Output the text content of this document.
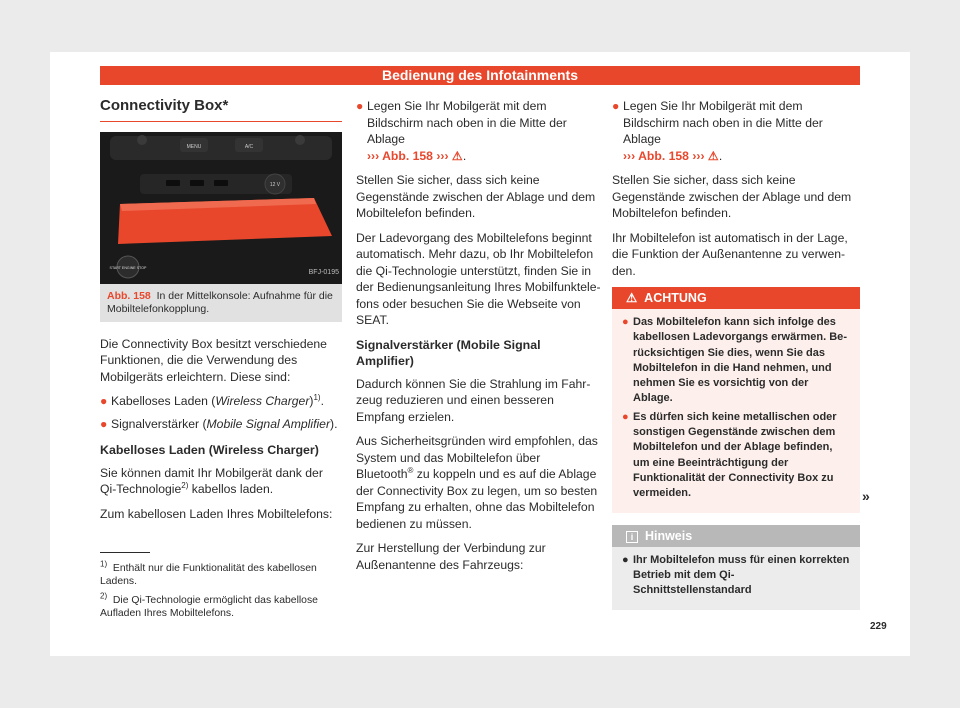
Bedienung des Infotainments
Connectivity Box*
MENU	A/C
12 V
START ENGINE STOP
BFJ-0195
Abb. 158 In der Mittelkonsole: Aufnahme für die Mobiltelefonkopplung.

Die Connectivity Box besitzt verschiedene Funktionen, die die Verwendung des Mobilgeräts erleichtern. Diese sind:

● Kabelloses Laden (Wireless Charger)$^{1)}$.
● Signalverstärker (Mobile Signal Amplifier).
Kabelloses Laden (Wireless Charger)

Sie können damit Ihr Mobilgerät dank der Qi-Technologie$^{2)}$ kabellos laden.

Zum kabellosen Laden Ihres Mobiltelefons:

● Legen Sie Ihr Mobilgerät mit dem Bildschirm nach oben in die Mitte der Ablage
››› Abb. 158 ››› ⚠.

Stellen Sie sicher, dass sich keine Gegenstände zwischen der Ablage und dem Mobiltelefon befinden.

Der Ladevorgang des Mobiltelefons beginnt automatisch. Mehr dazu, ob Ihr Mobiltelefon die Qi-Technologie unterstützt, finden Sie in der Bedienungsanleitung Ihres Mobilfunktelefons oder besuchen Sie die Webseite von SEAT.

Signalverstärker (Mobile Signal Amplifier)

Dadurch können Sie die Strahlung im Fahrzeug reduzieren und einen besseren Empfang erzielen.

Aus Sicherheitsgründen wird empfohlen, das System und das Mobiltelefon über Bluetooth® zu koppeln und es auf die Ablage der Connectivity Box zu legen, um so besten Empfang zu erhalten, ohne das Mobiltelefon bedienen zu müssen.

Zur Herstellung der Verbindung zur Außenantenne des Fahrzeugs:

● Legen Sie Ihr Mobilgerät mit dem Bildschirm nach oben in die Mitte der Ablage
››› Abb. 158 ››› ⚠.

Stellen Sie sicher, dass sich keine Gegenstände zwischen der Ablage und dem Mobiltelefon befinden.

Ihr Mobiltelefon ist automatisch in der Lage, die Funktion der Außenantenne zu verwenden.

⚠ ACHTUNG
● Das Mobiltelefon kann sich infolge des kabellosen Ladevorgangs erwärmen. Berücksichtigen Sie dies, wenn Sie das Mobiltelefon in die Hand nehmen, und nehmen Sie es vorsichtig von der Ablage.
● Es dürfen sich keine metallischen oder sonstigen Gegenstände zwischen dem Mobiltelefon und der Ablage befinden, um eine Beeinträchtigung der Funktionalität der Connectivity Box zu vermeiden.
i Hinweis
● Ihr Mobiltelefon muss für einen korrekten Betrieb mit dem Qi-Schnittstellenstandard
»

$^{1)}$ Enthält nur die Funktionalität des kabellosen Ladens.

$^{2)}$ Die Qi-Technologie ermöglicht das kabellose Aufladen Ihres Mobiltelefons.

229
